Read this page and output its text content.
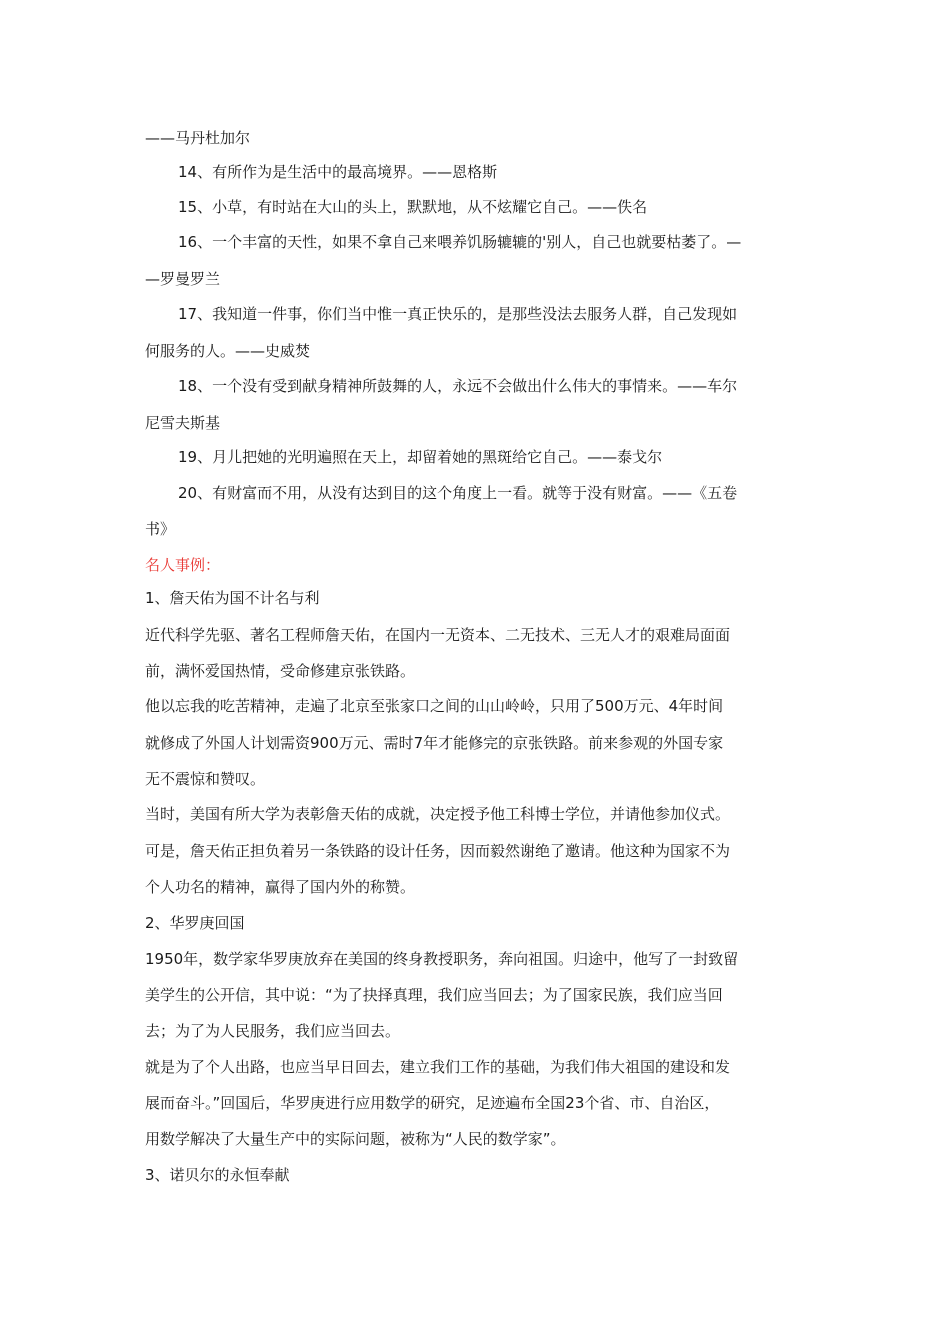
——马丹杜加尔
14、有所作为是生活中的最高境界。——恩格斯
15、小草，有时站在大山的头上，默默地，从不炫耀它自己。——佚名
16、一个丰富的天性，如果不拿自己来喂养饥肠辘辘的'别人，自己也就要枯萎了。—
—罗曼罗兰
17、我知道一件事，你们当中惟一真正快乐的，是那些没法去服务人群，自己发现如
何服务的人。——史威焚
18、一个没有受到献身精神所鼓舞的人，永远不会做出什么伟大的事情来。——车尔
尼雪夫斯基
19、月儿把她的光明遍照在天上，却留着她的黑斑给它自己。——泰戈尔
20、有财富而不用，从没有达到目的这个角度上一看。就等于没有财富。——《五卷
书》
名人事例：
1、詹天佑为国不计名与利
近代科学先驱、著名工程师詹天佑，在国内一无资本、二无技术、三无人才的艰难局面面
前，满怀爱国热情，受命修建京张铁路。
他以忘我的吃苦精神，走遍了北京至张家口之间的山山岭岭，只用了500万元、4年时间
就修成了外国人计划需资900万元、需时7年才能修完的京张铁路。前来参观的外国专家
无不震惊和赞叹。
当时，美国有所大学为表彰詹天佑的成就，决定授予他工科博士学位，并请他参加仪式。
可是，詹天佑正担负着另一条铁路的设计任务，因而毅然谢绝了邀请。他这种为国家不为
个人功名的精神，赢得了国内外的称赞。
2、华罗庚回国
1950年，数学家华罗庚放弃在美国的终身教授职务，奔向祖国。归途中，他写了一封致留
美学生的公开信，其中说：“为了抉择真理，我们应当回去；为了国家民族，我们应当回
去；为了为人民服务，我们应当回去。
就是为了个人出路，也应当早日回去，建立我们工作的基础，为我们伟大祖国的建设和发
展而奋斗。”回国后，华罗庚进行应用数学的研究，足迹遍布全国23个省、市、自治区，
用数学解决了大量生产中的实际问题，被称为“人民的数学家”。
3、诺贝尔的永恒奉献
